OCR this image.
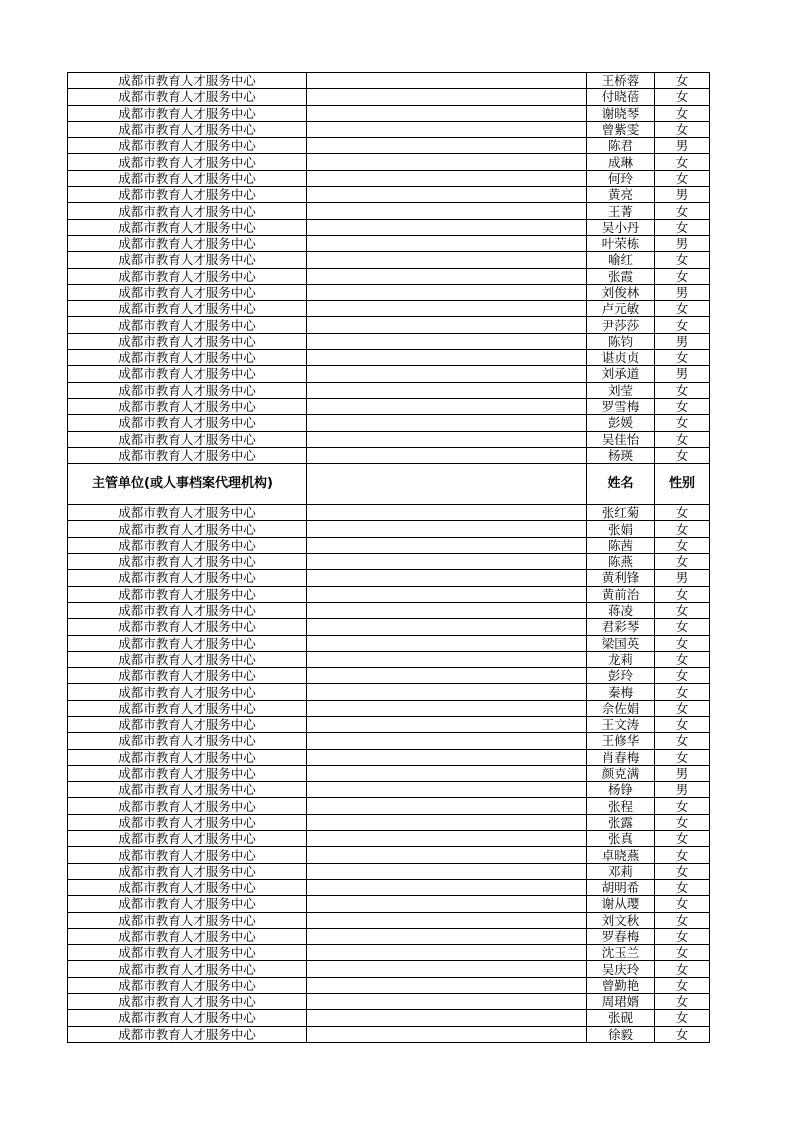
成都市教育人才服务中心		王桥蓉	女
成都市教育人才服务中心		付晓蓓	女
成都市教育人才服务中心		谢晓琴	女
成都市教育人才服务中心		曾紫雯	女
成都市教育人才服务中心		陈君	男
成都市教育人才服务中心		成琳	女
成都市教育人才服务中心		何玲	女
成都市教育人才服务中心		黄亮	男
成都市教育人才服务中心		王菁	女
成都市教育人才服务中心		吴小丹	女
成都市教育人才服务中心		叶荣栋	男
成都市教育人才服务中心		喻红	女
成都市教育人才服务中心		张霞	女
成都市教育人才服务中心		刘俊林	男
成都市教育人才服务中心		卢元敏	女
成都市教育人才服务中心		尹莎莎	女
成都市教育人才服务中心		陈钧	男
成都市教育人才服务中心		谌贞贞	女
成都市教育人才服务中心		刘承道	男
成都市教育人才服务中心		刘莹	女
成都市教育人才服务中心		罗雪梅	女
成都市教育人才服务中心		彭媛	女
成都市教育人才服务中心		吴佳怡	女
成都市教育人才服务中心		杨瑛	女
主管单位(或人事档案代理机构)		姓名	性别
成都市教育人才服务中心		张红菊	女
成都市教育人才服务中心		张娟	女
成都市教育人才服务中心		陈茜	女
成都市教育人才服务中心		陈燕	女
成都市教育人才服务中心		黄利锋	男
成都市教育人才服务中心		黄前治	女
成都市教育人才服务中心		蒋凌	女
成都市教育人才服务中心		君彩琴	女
成都市教育人才服务中心		梁国英	女
成都市教育人才服务中心		龙莉	女
成都市教育人才服务中心		彭玲	女
成都市教育人才服务中心		秦梅	女
成都市教育人才服务中心		佘佐娟	女
成都市教育人才服务中心		王文涛	女
成都市教育人才服务中心		王修华	女
成都市教育人才服务中心		肖春梅	女
成都市教育人才服务中心		颜克满	男
成都市教育人才服务中心		杨铮	男
成都市教育人才服务中心		张程	女
成都市教育人才服务中心		张露	女
成都市教育人才服务中心		张真	女
成都市教育人才服务中心		卓晓燕	女
成都市教育人才服务中心		邓莉	女
成都市教育人才服务中心		胡明希	女
成都市教育人才服务中心		谢从璎	女
成都市教育人才服务中心		刘文秋	女
成都市教育人才服务中心		罗春梅	女
成都市教育人才服务中心		沈玉兰	女
成都市教育人才服务中心		吴庆玲	女
成都市教育人才服务中心		曾勤艳	女
成都市教育人才服务中心		周珺婿	女
成都市教育人才服务中心		张砚	女
成都市教育人才服务中心		徐毅	女
